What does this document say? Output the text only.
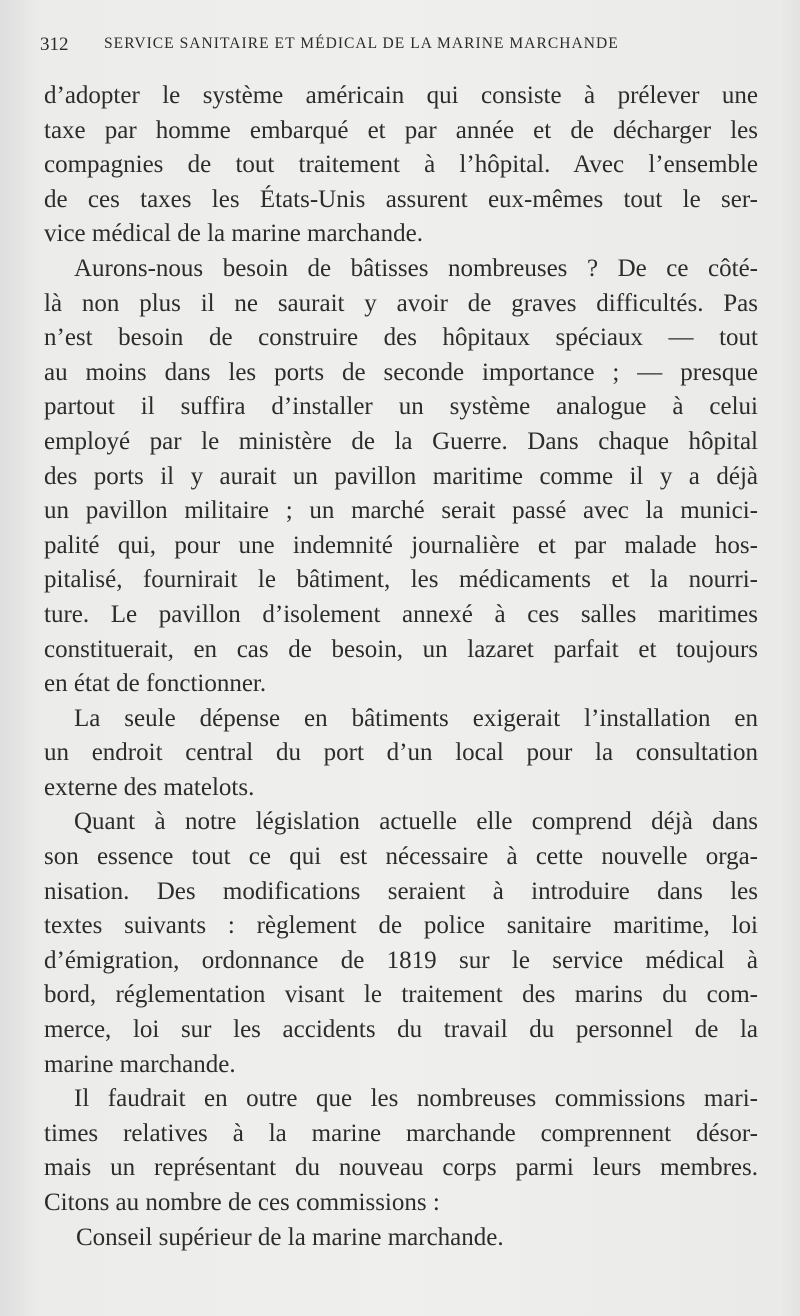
312 SERVICE SANITAIRE ET MÉDICAL DE LA MARINE MARCHANDE
d’adopter le système américain qui consiste à prélever une
taxe par homme embarqué et par année et de décharger les
compagnies de tout traitement à l’hôpital. Avec l’ensemble
de ces taxes les États-Unis assurent eux-mêmes tout le ser-
vice médical de la marine marchande.
Aurons-nous besoin de bâtisses nombreuses ? De ce côté-
là non plus il ne saurait y avoir de graves difficultés. Pas
n’est besoin de construire des hôpitaux spéciaux — tout
au moins dans les ports de seconde importance ; — presque
partout il suffira d’installer un système analogue à celui
employé par le ministère de la Guerre. Dans chaque hôpital
des ports il y aurait un pavillon maritime comme il y a déjà
un pavillon militaire ; un marché serait passé avec la munici-
palité qui, pour une indemnité journalière et par malade hos-
pitalisé, fournirait le bâtiment, les médicaments et la nourri-
ture. Le pavillon d’isolement annexé à ces salles maritimes
constituerait, en cas de besoin, un lazaret parfait et toujours
en état de fonctionner.
La seule dépense en bâtiments exigerait l’installation en
un endroit central du port d’un local pour la consultation
externe des matelots.
Quant à notre législation actuelle elle comprend déjà dans
son essence tout ce qui est nécessaire à cette nouvelle orga-
nisation. Des modifications seraient à introduire dans les
textes suivants : règlement de police sanitaire maritime, loi
d’émigration, ordonnance de 1819 sur le service médical à
bord, réglementation visant le traitement des marins du com-
merce, loi sur les accidents du travail du personnel de la
marine marchande.
Il faudrait en outre que les nombreuses commissions mari-
times relatives à la marine marchande comprennent désor-
mais un représentant du nouveau corps parmi leurs membres.
Citons au nombre de ces commissions :
Conseil supérieur de la marine marchande.
